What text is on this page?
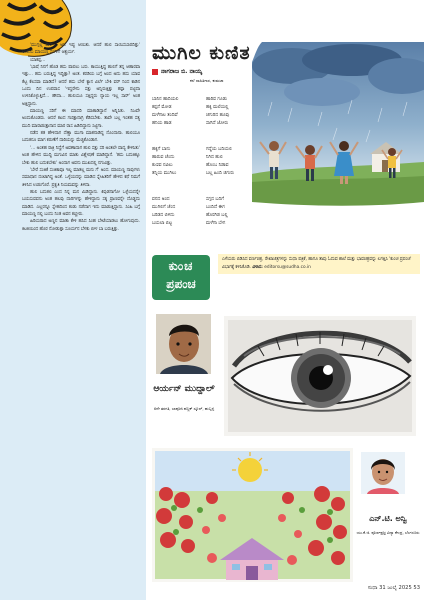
'ಮುಗ್ಗಲ್ಲ ಸಾರ್... ಅದೆ ಇಷ್ಟ ಆಯಿತು. ಆದರೆ ಹುಲಿ ಸಾಯಿಸಬಾರದಿತ್ತು' ಅಂದೆನು ಮಾಯಣ್ಣ ಸಂಗೀಗೆ ಆಶ್ಚರ್ಯ.

ಯಾಕಪ್ಪ...

'ಭಾಷೆ ನಿನಗೆ ಹೊಡ ಹಸು ಪಾಪಲು ಬರು. ಕಾಯುತ್ತಿದ್ದ ಹುಲಿಗೆ ತನ್ನ ಆಹಾರವಾ ಇತ್ತು... ಹಸು ಬರುತ್ತಿದ್ದ ಇದ್ದಿತ್ತಾ? ಅಂತ. ಕರಡಿಯ ಬಗ್ಗೆ ಅಂದ ಅದು ಹಸು ಯಾವ ಕೆಟ್ಟ ಕೆಲಸವಾ ಮಾಡಿದೆ? ಆದರೆ ಹಸು ಬೇರೆ ಕ್ಯಾನ ವಿರ್ಲೆ ಬೇಕಿ ವರ್ ನಿಂದ ಕಾಡಿನ ಒಂದು ದಿನ ಉಪವಾಸ 'ಇದ್ದರೇನು ಸತ್ತು ಅನ್ನಿರುತ್ತಿತ್ತು ತಪ್ಪಾ ಪಟ್ಟಿದಾ ಉಳಿಸಿಕೊಳ್ಳುತ್ತಿದೆ... ಹೌದಾ... ಹುಲಿಯೂ ಸತ್ತಿದ್ದರು ನ್ಯಾಯ ಇಲ್ಲ ಸಾರ್' ಅಂತ ಅತ್ತಿದ್ದಾನು.

ಮಾಯಣ್ಣ ಸರಿಗೆ ಈ ಮಾದರಿ ಮಾತಾಡಿದ್ದಾನೆ ಅನ್ನಿಸಿತು. ನಿಜವೇ ಅಂದುಕೊಂಡರು. ಆದರೆ ಕಟದ ಗಣಿತ್ತಾನಾಗ್ರಿ ಕೆಡಿಸಬೇಕು. ತಾವೇ ಬಲ್ಲ ಇಂತಹ ಸತ್ಯ ಮುದಿ ಮಾರಾಡುತ್ತಾನಾದ ಮಾರ ರಾಸ ಹಿಡಿದಿದ್ದಾನು ಸಿಟ್ಟಿಗಾ.

ನಡೆದ ತತ ಹೇಳಿದಾಗ ದೆಣ್ಣಾ ಮುಗಾ ಮಾತನಾಡಿದ್ದ ನೊಂದಾನಾ. ಹುಲಿಯೂ ಬದುಕನೂ ಮಾಗ ಕರುಣೆಗೆ ದಾರಿಯನ್ನು ಮೆಚ್ಚಿಕೊಂಡಾಗ.

'... ಅಂತಹ ರಾತ್ರಿ ನಿದ್ದೆಗೆ ಅವಣಾದಾಗ ಹುಲಿ ಸತ್ತು ಸರಿ ಅಂತಲೇ ವಾದ್ಯ ಕೇಳಿಸಿತು' ಅಂತ ಹೇಳಿದ ಮುದ್ದಿ ಮಗುವಿನ ಮಾತು ವಿಶ್ಲೇಷಣೆ ಮಾಡಿದ್ದಾನೆ. 'ಹಸು ಬದುಕಿಕ್ಕೂ ಬೇಕು ಹುಲಿ ಬದುಕಬೇಕು' ಅಂದಾಗ ಅವನು ಮುಖದಲ್ಲಿ ನಗುವಿತ್ತು.

'ಬೇರೆ ಸಂತಿಕೆ ಸಂತಿಕಾವೂ ಇಲ್ಲ ಮಾತಲ್ಲ ಮನು ಗೆ' ಅಂದ. ಮಾಯಣ್ಣ ನಾವುಗಳು ಸಮಾಧಾನ ದಂಟಾಗಿದ್ದ ಅಂತೆ. ಒಳ್ಳೆಯದನ್ನು ಮಾಡಿದ ಸ್ನೇಹಿತರಿಗೆ ಹೇಳಿದ ಕಥೆ ನಿಮಗೆ ತಿಳಿಸಿದ ಉಡುಗೊರೆ. ಪ್ರಕೃತಿ ನಿಯಮವನ್ನು ತಿಳಿದಾ.

ಹುಲಿ ಬದುಕಲಿ ಎಂದ ನಿನ್ನ ಮನ ಮಿಡಿದ್ದಾನು. ಕಿವುಡನಾಗೋ ಒಳ್ಳೆಯದನ್ನೇ ಬಯಸುವವನು ಅಂತ ಹಲವು ದಾರಿಗಳನ್ನು ಹೇಳಿದ್ದಾನು ಸಕ್ಕ ಪ್ರಾಣವನ್ನೇ ದೊಡ್ಡದು ಮಾಡಿದ. ಎಲ್ಲರನ್ನೂ ಸ್ನೇಹದಿಂದ ಕಂಡು ನಡೆದಾಗ ಇದು ಮಾಡುತ್ತಿದ್ದಾನು. ಸಿಂಹಿ ಬಗ್ಗೆ ಮಾಯಣ್ಣ ನಲ್ಲಿ ಬಂದು ನಿಂತ ಅವನ ಕಣ್ಣೀರು.

ಹಿರಿಯರಾದ ಅಣ್ಣನ ಮಾತಾ ಕೇಳಿ ಹಸಿದ ಸಿಂಹ ಬೇಟೆಯಾಡಲು ಹೋಗುವುದು. ಕಿಟಕಿಯಿಂದ ಹೊರ ನೋಡುತ್ತಾ ಸೂರ್ಯನ ಬೆಳಕು ಬೀಳ ಬಾ ಬರುತ್ತಿತ್ತು.

ಮುಗಿಲ ಕುಣಿತ
ನಾಗರಾಜ ಬಿ. ನಾಯ್ಕ
ಕಲೆ ಸಾಹಿತಿಗಾರ, ಕುಮಟಾ
ಬಾನಿನ ಹಾದಿಯಲಿ
ಕಪ್ಪನೆ ಮೋಡ
ಮಳೆಗಾಲ ತಂದಿವೆ
ಹನಿಯ ಹಾಡ
ಹಾರಿವ ಗೂಡು
ಹಕ್ಕಿ ಮಲೆಯಲ್ಲಿ
ಚಿಗುರಿದ ಹೂವು
ಸಾಗಿದೆ ಜೋರು
ಹಕ್ಕಿಗೆ ಬಾನು
ಹಾರುವ ಚೆಂದು
ಕುಣಿವ ನವಿಲು
ತನ್ನಿಯ ಮುಗಿಲು
ಗದ್ದೆಯ ಬದಿಯಲಿ
ನಿಗಿದ ಹುಲಿ
ಹೊಂಬ ನಿಡಾವ
ಬಲ್ಲ ಹಿಂದಿ ಚಿಗುರು
ವನದ ಅಂದ
ಮುಗಿಲಿಗೆ ಚೆಂದ
ಬರಿಡದ ಬಿಳಿದು
ಬಯಲಾ ಬಿಟ್ಟ
ಸಗ್ಗದ ಬದಿಗೆ
ಬಂದಿದೆ ಈಗ
ಹೊರಗಿಡ ಬಲ್ಲಿ
ಮಳೆಗಾ ಬೇಗ
ಕುಂಚ
ಪ್ರಪಂಚ
ಎಳೆಯರು ಬಿಡಿಸಿದ ವರ್ಣಚಿತ್ರ, ರೇಖಾಚಿತ್ರಗಳನ್ನು ಸುಧಾ ಪತ್ರಿಕೆ, ಹಾಗೂ ತಾವು ಓದುವ ಶಾಲೆ ಮತ್ತು ಭಾವಚಿತ್ರವನ್ನು ಲಗತ್ತಿಸಿ 'ಕುಂಚ ಪ್ರಪಂಚ' ವಿಭಾಗಕ್ಕೆ ಕಳಿಸಿಕೊಡಿ. ವಿಳಾಸ: editorsu@sudha.co.in
ಆರ್ಯನ್ ಮುದ್ದಾಲ್
6ನೇ ತರಗತಿ, ಬಾಪೂಜಿ ಪಬ್ಲಿಕ್ ಸ್ಕೂಲ್, ಹುಬ್ಬಳ್ಳಿ
ಎನ್.ಟಿ. ಅನ್ವಿ
ಯು.ಕೆ.ಜಿ. ಪೂರ್ಣಪ್ರಜ್ಞ ವಿದ್ಯಾ ಕೇಂದ್ರ, ಬೆಂಗಳೂರು
ಸುಧಾ 31 ಜುಲೈ 2025 53
